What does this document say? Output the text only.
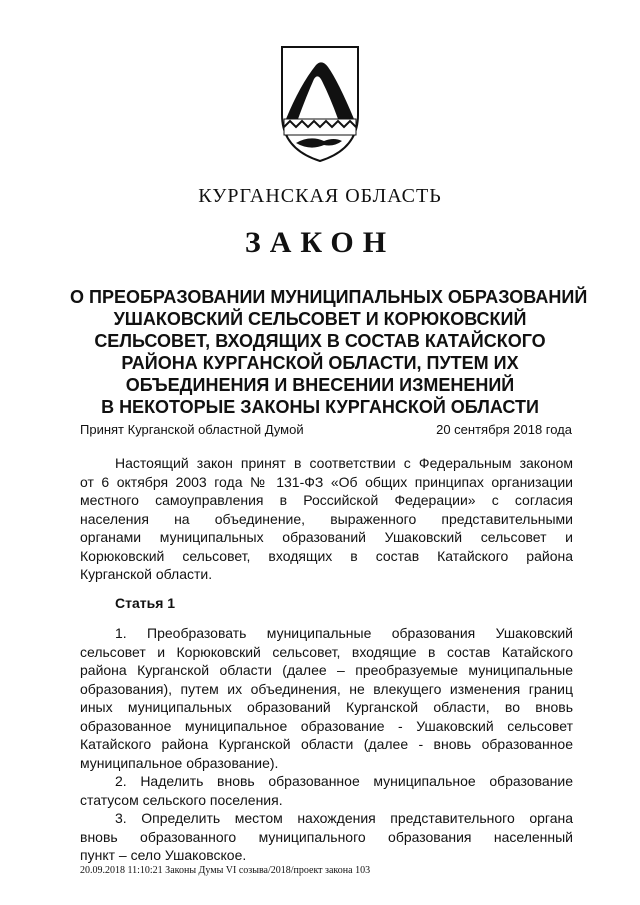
КУРГАНСКАЯ ОБЛАСТЬ
ЗАКОН
О ПРЕОБРАЗОВАНИИ МУНИЦИПАЛЬНЫХ ОБРАЗОВАНИЙ
УШАКОВСКИЙ СЕЛЬСОВЕТ И КОРЮКОВСКИЙ
СЕЛЬСОВЕТ, ВХОДЯЩИХ В СОСТАВ КАТАЙСКОГО
РАЙОНА КУРГАНСКОЙ ОБЛАСТИ, ПУТЕМ ИХ
ОБЪЕДИНЕНИЯ И ВНЕСЕНИИ ИЗМЕНЕНИЙ
В НЕКОТОРЫЕ ЗАКОНЫ КУРГАНСКОЙ ОБЛАСТИ
Принят Курганской областной Думой	20 сентября 2018 года
Настоящий закон принят в соответствии с Федеральным законом
от 6 октября 2003 года № 131-ФЗ «Об общих принципах организации
местного самоуправления в Российской Федерации» с согласия
населения на объединение, выраженного представительными
органами муниципальных образований Ушаковский сельсовет и
Корюковский сельсовет, входящих в состав Катайского района
Курганской области.
Статья 1
1. Преобразовать муниципальные образования Ушаковский
сельсовет и Корюковский сельсовет, входящие в состав Катайского
района Курганской области (далее – преобразуемые муниципальные
образования), путем их объединения, не влекущего изменения границ
иных муниципальных образований Курганской области, во вновь
образованное муниципальное образование - Ушаковский сельсовет
Катайского района Курганской области (далее - вновь образованное
муниципальное образование).
2. Наделить вновь образованное муниципальное образование
статусом сельского поселения.
3. Определить местом нахождения представительного органа
вновь образованного муниципального образования населенный
пункт – село Ушаковское.
20.09.2018 11:10:21 Законы Думы VI созыва/2018/проект закона 103
